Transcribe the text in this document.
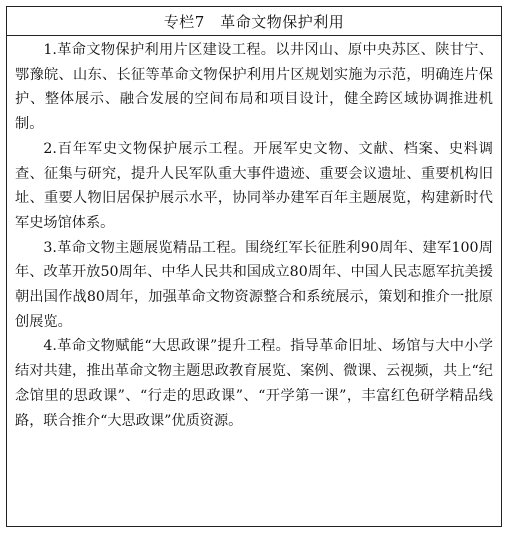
专栏7　革命文物保护利用

1.革命文物保护利用片区建设工程。以井冈山、原中央苏区、陕甘宁、鄂豫皖、山东、长征等革命文物保护利用片区规划实施为示范，明确连片保护、整体展示、融合发展的空间布局和项目设计，健全跨区域协调推进机制。

2.百年军史文物保护展示工程。开展军史文物、文献、档案、史料调查、征集与研究，提升人民军队重大事件遗迹、重要会议遗址、重要机构旧址、重要人物旧居保护展示水平，协同举办建军百年主题展览，构建新时代军史场馆体系。

3.革命文物主题展览精品工程。围绕红军长征胜利90周年、建军100周年、改革开放50周年、中华人民共和国成立80周年、中国人民志愿军抗美援朝出国作战80周年，加强革命文物资源整合和系统展示，策划和推介一批原创展览。

4.革命文物赋能“大思政课”提升工程。指导革命旧址、场馆与大中小学结对共建，推出革命文物主题思政教育展览、案例、微课、云视频，共上“纪念馆里的思政课”、“行走的思政课”、“开学第一课”，丰富红色研学精品线路，联合推介“大思政课”优质资源。
